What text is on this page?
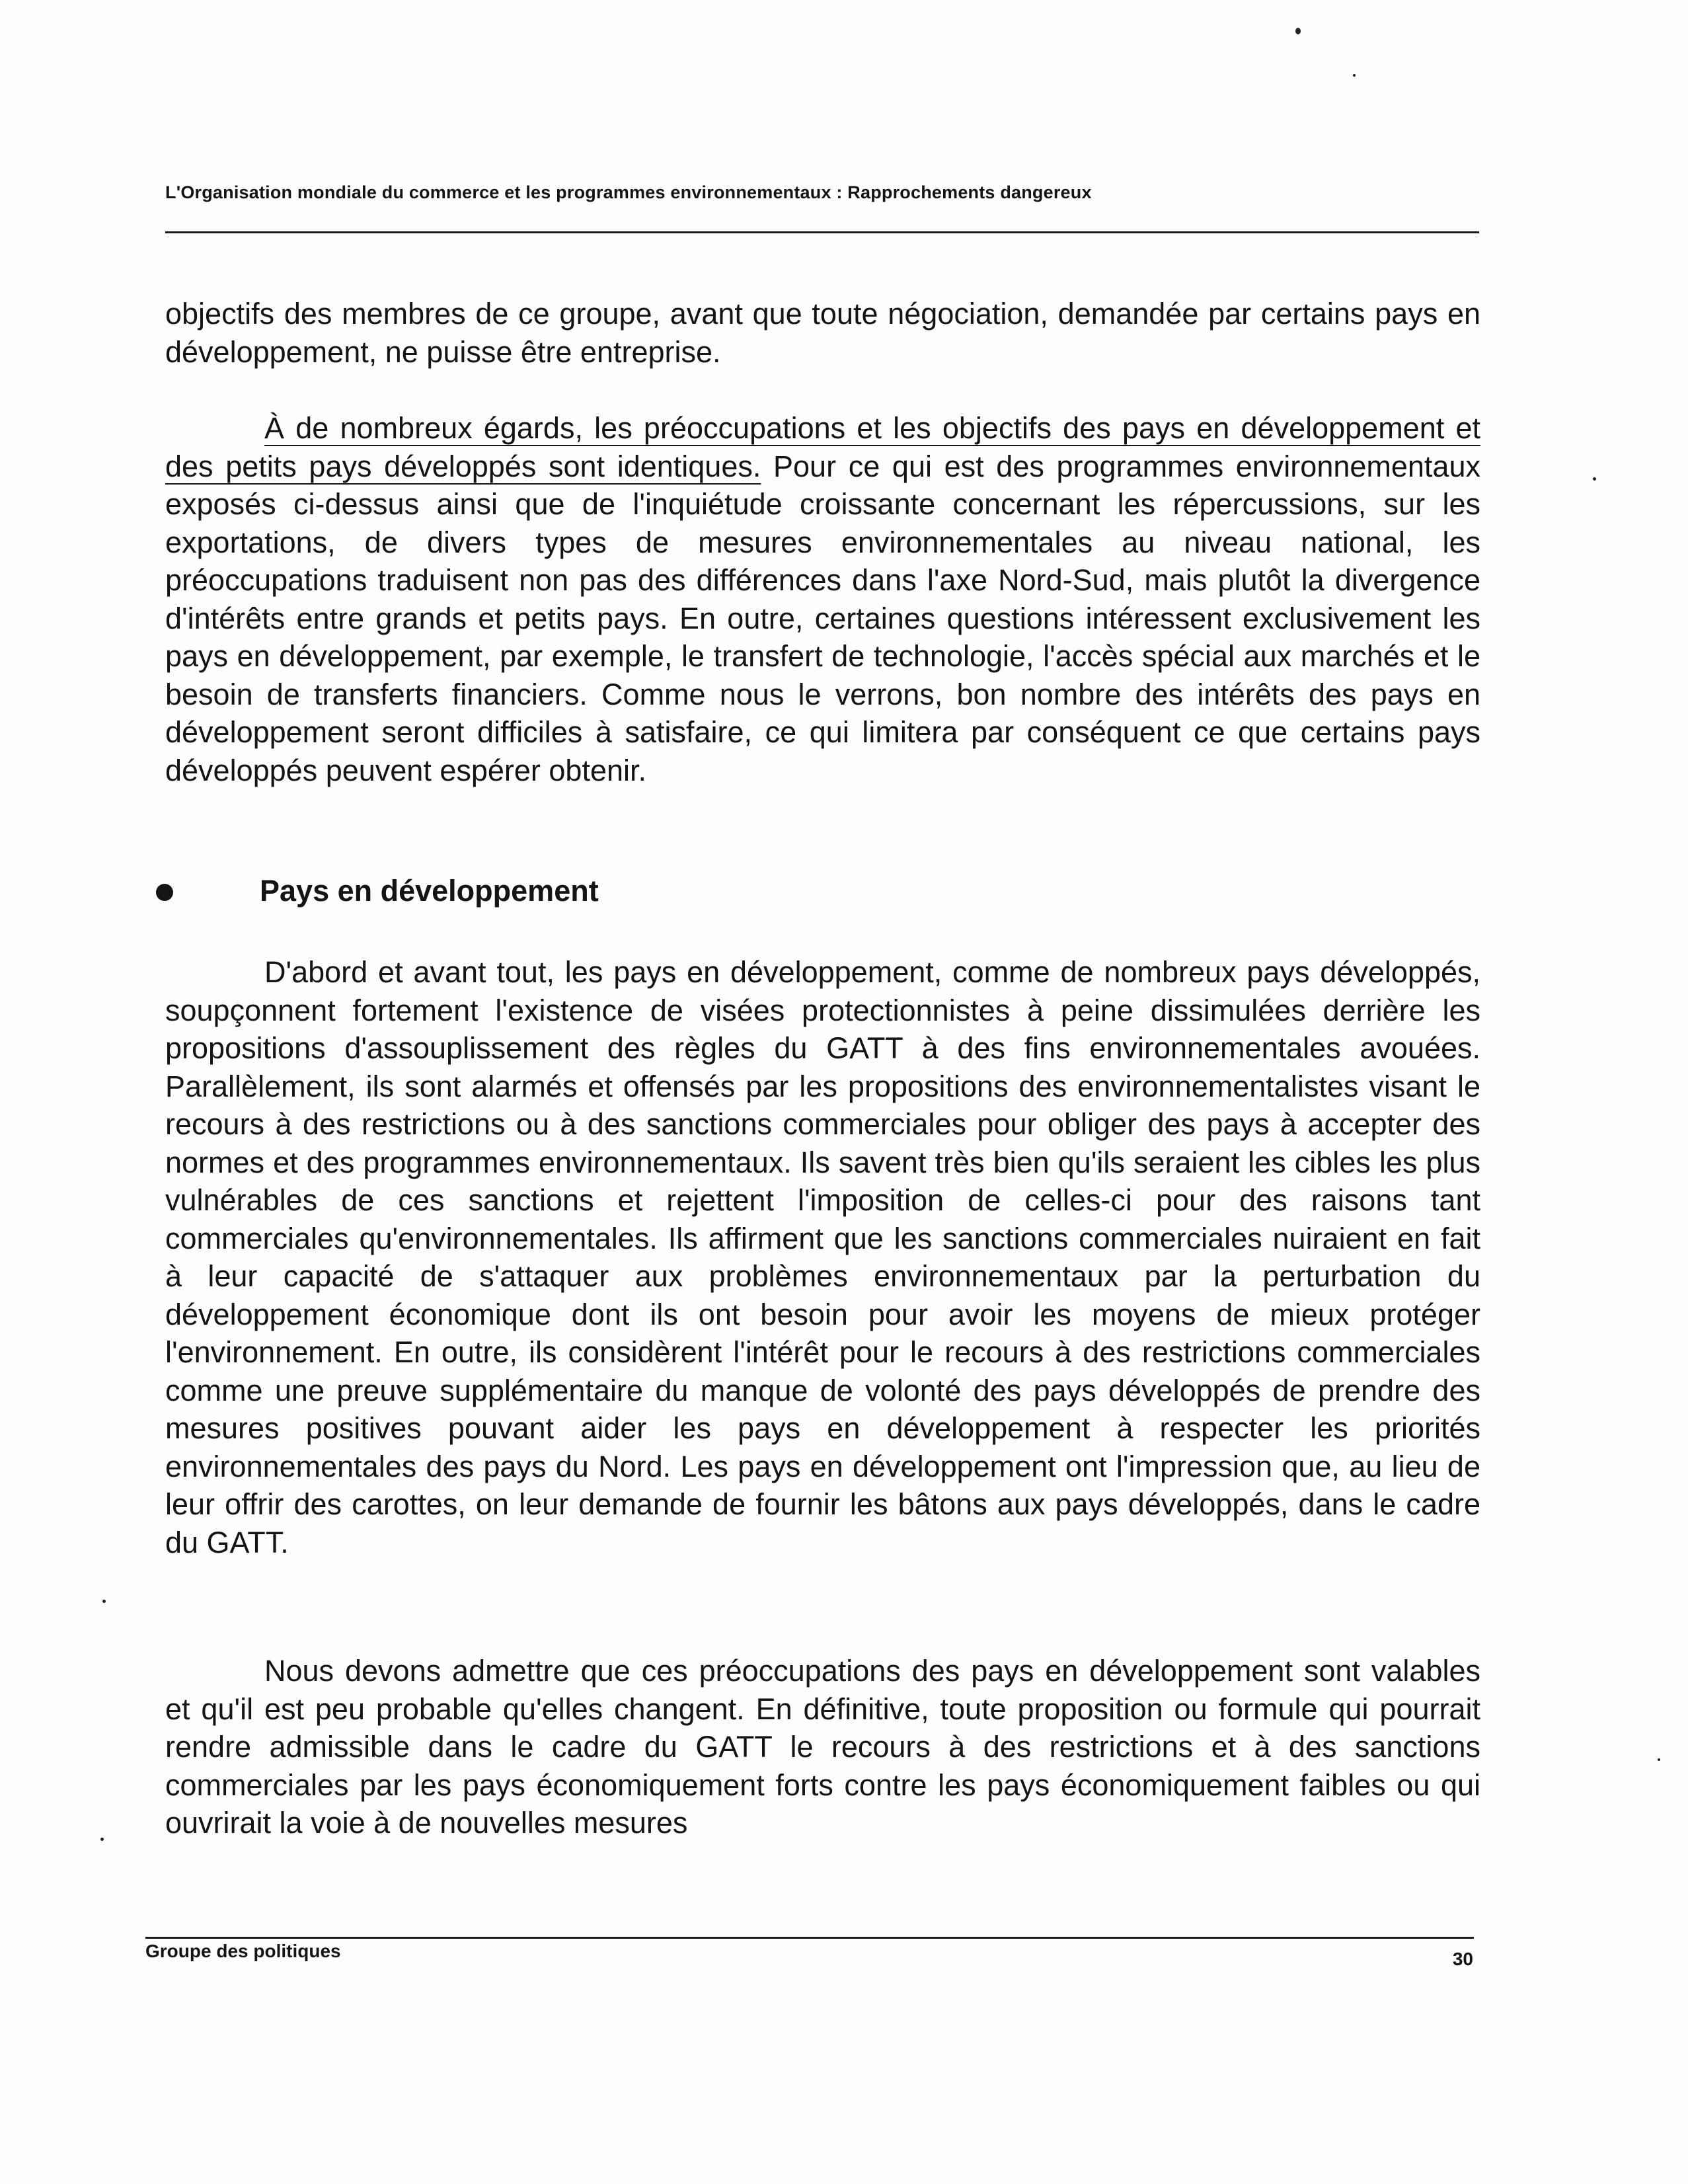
L'Organisation mondiale du commerce et les programmes environnementaux : Rapprochements dangereux

objectifs des membres de ce groupe, avant que toute négociation, demandée par certains pays en développement, ne puisse être entreprise.

À de nombreux égards, les préoccupations et les objectifs des pays en développement et des petits pays développés sont identiques. Pour ce qui est des programmes environnementaux exposés ci-dessus ainsi que de l'inquiétude croissante concernant les répercussions, sur les exportations, de divers types de mesures environnementales au niveau national, les préoccupations traduisent non pas des différences dans l'axe Nord-Sud, mais plutôt la divergence d'intérêts entre grands et petits pays. En outre, certaines questions intéressent exclusivement les pays en développement, par exemple, le transfert de technologie, l'accès spécial aux marchés et le besoin de transferts financiers. Comme nous le verrons, bon nombre des intérêts des pays en développement seront difficiles à satisfaire, ce qui limitera par conséquent ce que certains pays développés peuvent espérer obtenir.

Pays en développement

D'abord et avant tout, les pays en développement, comme de nombreux pays développés, soupçonnent fortement l'existence de visées protectionnistes à peine dissimulées derrière les propositions d'assouplissement des règles du GATT à des fins environnementales avouées. Parallèlement, ils sont alarmés et offensés par les propositions des environnementalistes visant le recours à des restrictions ou à des sanctions commerciales pour obliger des pays à accepter des normes et des programmes environnementaux. Ils savent très bien qu'ils seraient les cibles les plus vulnérables de ces sanctions et rejettent l'imposition de celles-ci pour des raisons tant commerciales qu'environnementales. Ils affirment que les sanctions commerciales nuiraient en fait à leur capacité de s'attaquer aux problèmes environnementaux par la perturbation du développement économique dont ils ont besoin pour avoir les moyens de mieux protéger l'environnement. En outre, ils considèrent l'intérêt pour le recours à des restrictions commerciales comme une preuve supplémentaire du manque de volonté des pays développés de prendre des mesures positives pouvant aider les pays en développement à respecter les priorités environnementales des pays du Nord. Les pays en développement ont l'impression que, au lieu de leur offrir des carottes, on leur demande de fournir les bâtons aux pays développés, dans le cadre du GATT.

Nous devons admettre que ces préoccupations des pays en développement sont valables et qu'il est peu probable qu'elles changent. En définitive, toute proposition ou formule qui pourrait rendre admissible dans le cadre du GATT le recours à des restrictions et à des sanctions commerciales par les pays économiquement forts contre les pays économiquement faibles ou qui ouvrirait la voie à de nouvelles mesures

Groupe des politiques	30
